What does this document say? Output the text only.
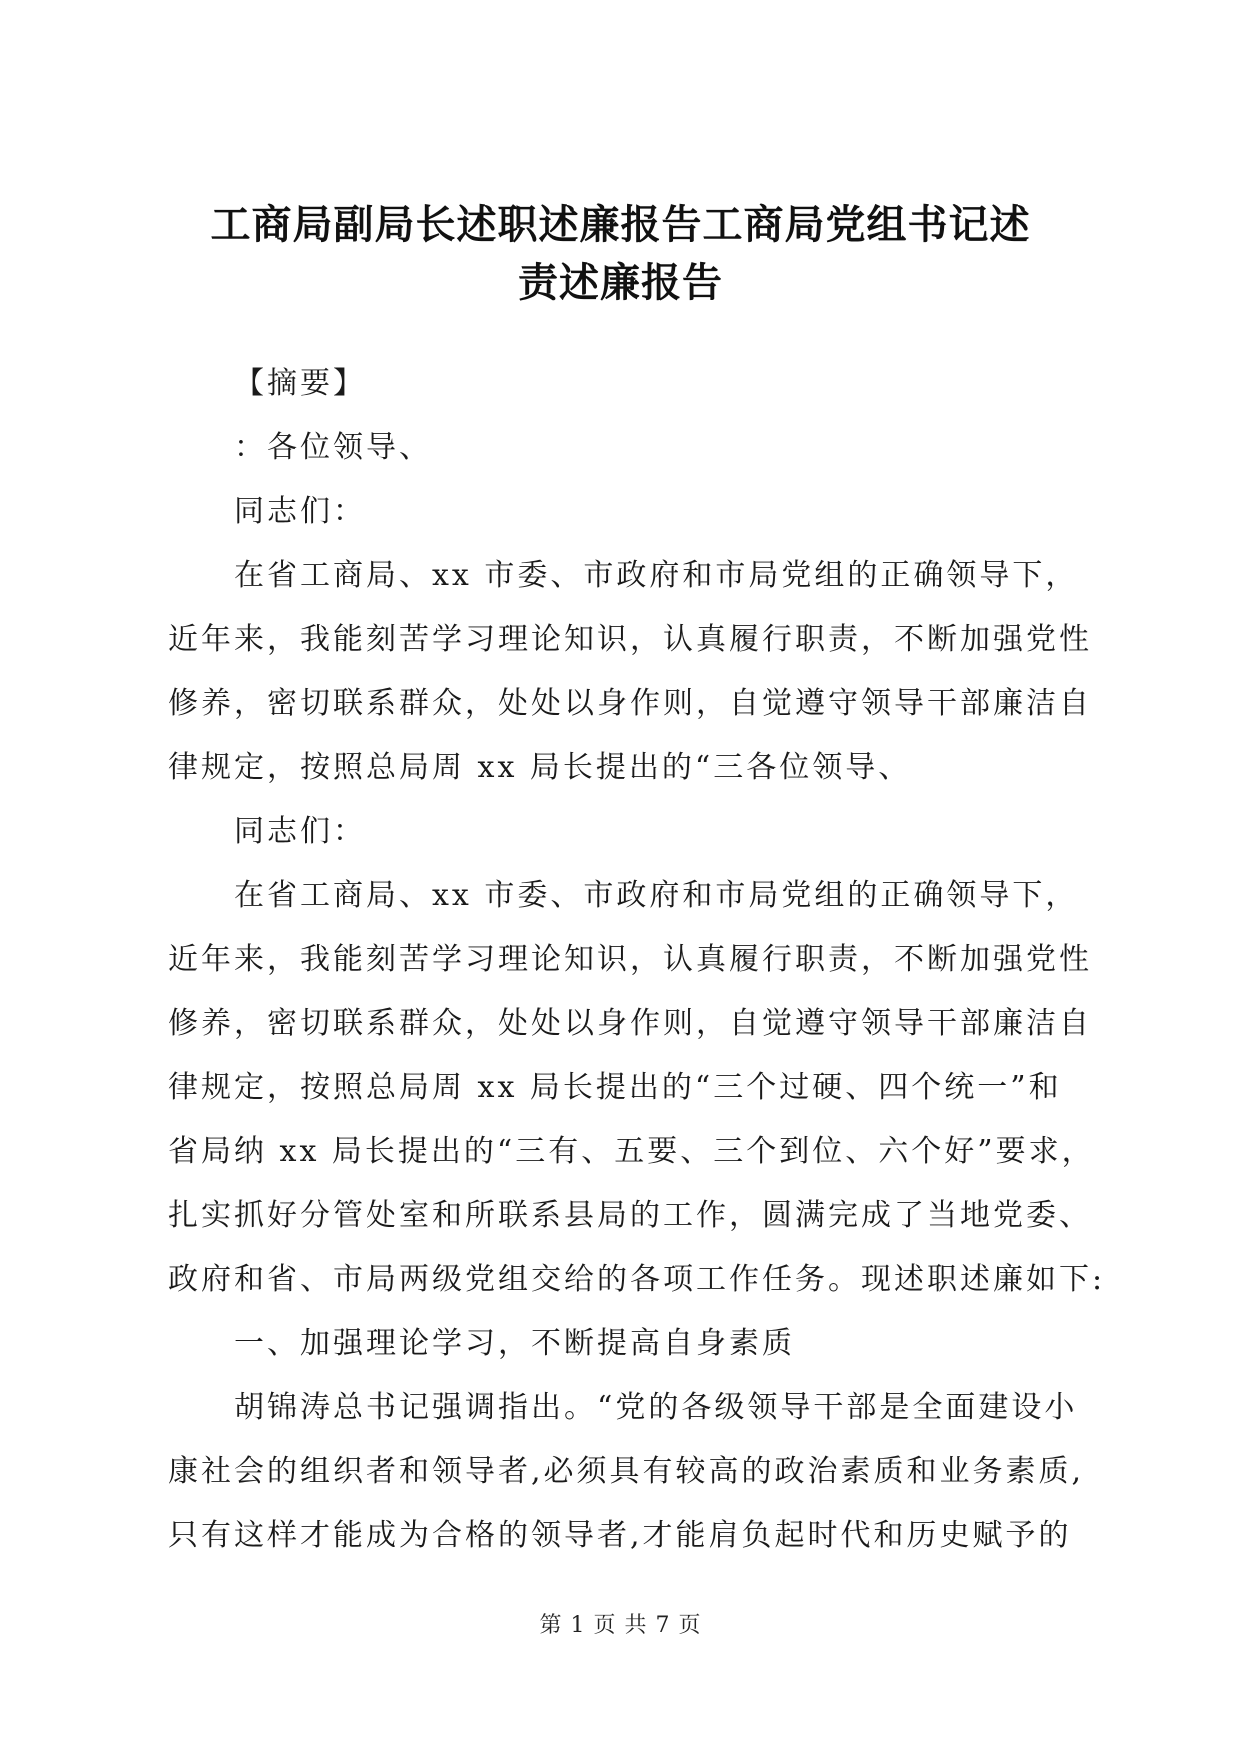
工商局副局长述职述廉报告工商局党组书记述
责述廉报告

【摘要】

：各位领导、

同志们：

在省工商局、xx 市委、市政府和市局党组的正确领导下，
近年来，我能刻苦学习理论知识，认真履行职责，不断加强党性
修养，密切联系群众，处处以身作则，自觉遵守领导干部廉洁自
律规定，按照总局周 xx 局长提出的“三各位领导、

同志们：

在省工商局、xx 市委、市政府和市局党组的正确领导下，
近年来，我能刻苦学习理论知识，认真履行职责，不断加强党性
修养，密切联系群众，处处以身作则，自觉遵守领导干部廉洁自
律规定，按照总局周 xx 局长提出的“三个过硬、四个统一”和
省局纳 xx 局长提出的“三有、五要、三个到位、六个好”要求，
扎实抓好分管处室和所联系县局的工作，圆满完成了当地党委、
政府和省、市局两级党组交给的各项工作任务。现述职述廉如下:

一、加强理论学习，不断提高自身素质

胡锦涛总书记强调指出。“党的各级领导干部是全面建设小
康社会的组织者和领导者,必须具有较高的政治素质和业务素质,
只有这样才能成为合格的领导者,才能肩负起时代和历史赋予的

第 1 页 共 7 页
